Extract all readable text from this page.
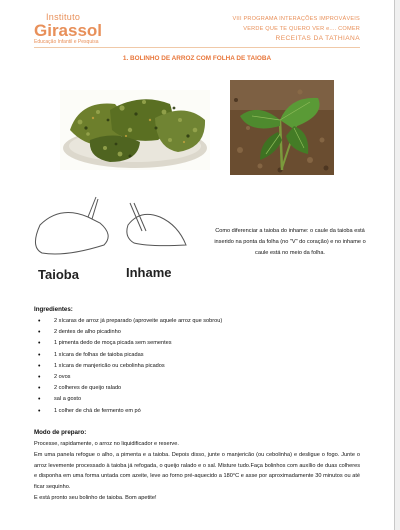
Instituto
Girassol
Educação Infantil e Pesquisa
VIII PROGRAMA INTERAÇÕES IMPROVÁVEIS
VERDE QUE TE QUERO VER e.... COMER
RECEITAS DA TATHIANA
1. BOLINHO DE ARROZ COM FOLHA DE TAIOBA
Taioba	Inhame
Como diferenciar a taioba do inhame: o caule da taioba está inserido na ponta da folha (no "V" do coração) e no inhame o caule está no meio da folha.
Ingredientes:
• 2 xícaras de arroz já preparado (aproveite aquele arroz que sobrou)
• 2 dentes de alho picadinho
• 1 pimenta dedo de moça picada sem sementes
• 1 xícara de folhas de taioba picadas
• 1 xícara de manjericão ou cebolinha picados
• 2 ovos
• 2 colheres de queijo ralado
• sal a gosto
• 1 colher de chá de fermento em pó
Modo de preparo:

Processe, rapidamente, o arroz no liquidificador e reserve.

Em uma panela refogue o alho, a pimenta e a taioba. Depois disso, junte o manjericão (ou cebolinha) e desligue o fogo. Junte o arroz levemente processado à taioba já refogada, o queijo ralado e o sal. Misture tudo.Faça bolinhos com auxílio de duas colheres e disponha em uma forma untada com azeite, leve ao forno pré-aquecido a 180°C e asse por aproximadamente 30 minutos ou até ficar sequinho.

E está pronto seu bolinho de taioba. Bom apetite!
